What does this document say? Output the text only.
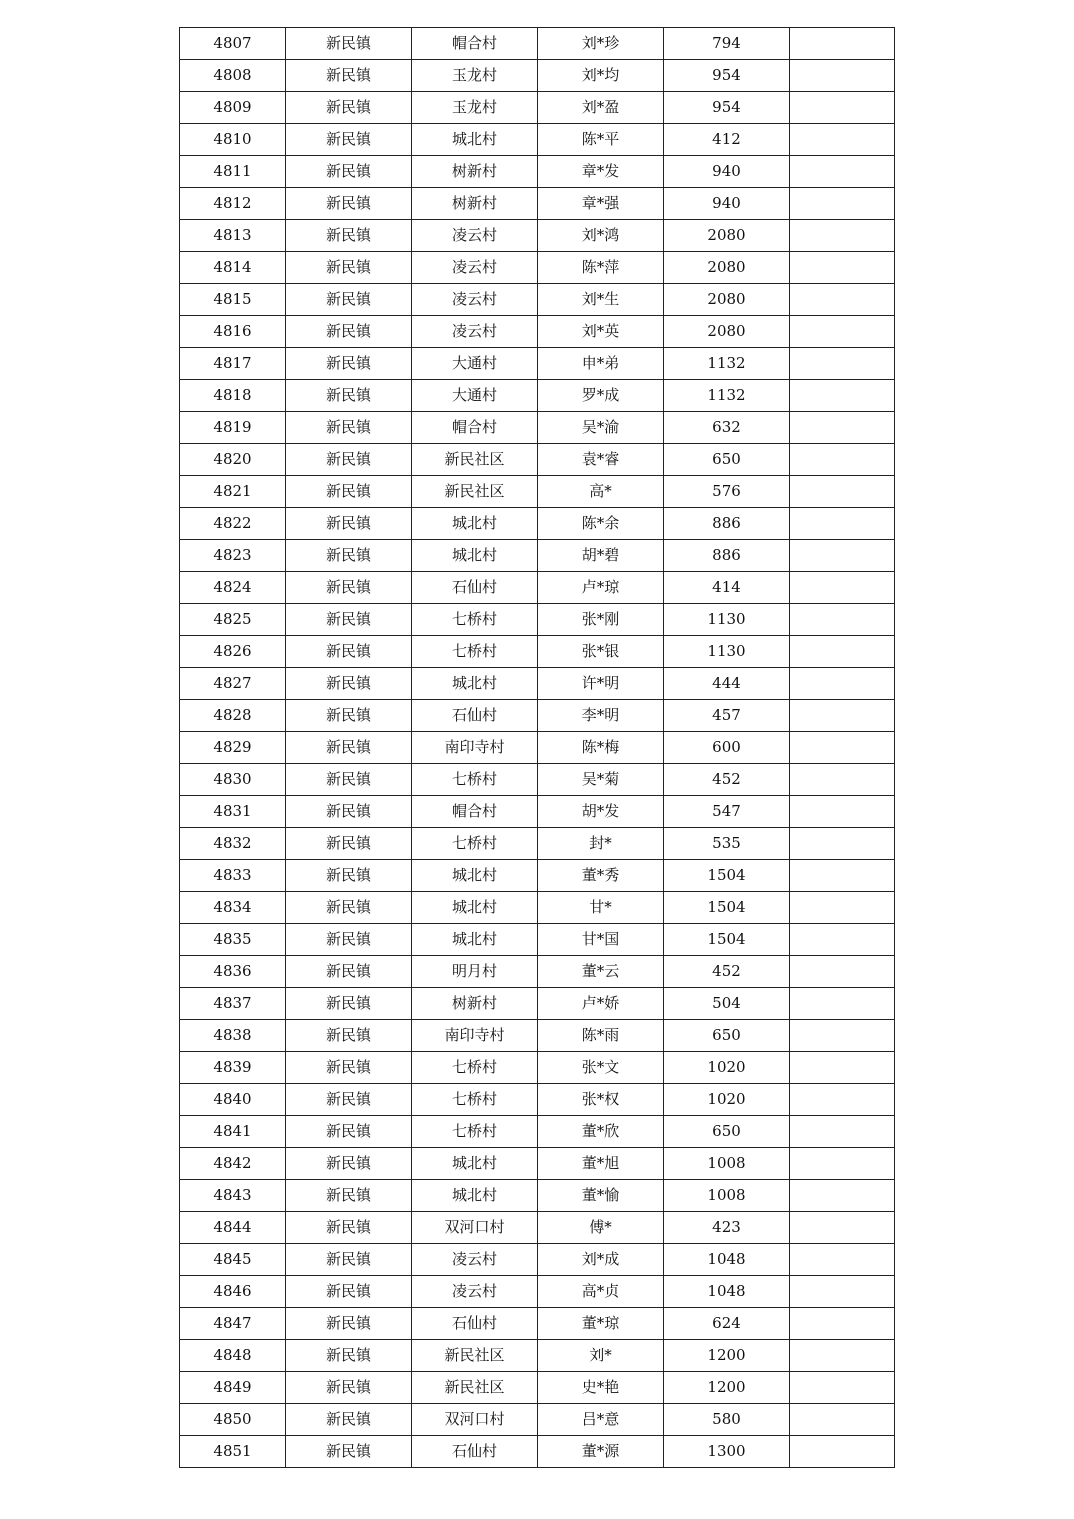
4807	新民镇	帽合村	刘*珍	794	
4808	新民镇	玉龙村	刘*均	954	
4809	新民镇	玉龙村	刘*盈	954	
4810	新民镇	城北村	陈*平	412	
4811	新民镇	树新村	章*发	940	
4812	新民镇	树新村	章*强	940	
4813	新民镇	凌云村	刘*鸿	2080	
4814	新民镇	凌云村	陈*萍	2080	
4815	新民镇	凌云村	刘*生	2080	
4816	新民镇	凌云村	刘*英	2080	
4817	新民镇	大通村	申*弟	1132	
4818	新民镇	大通村	罗*成	1132	
4819	新民镇	帽合村	吴*渝	632	
4820	新民镇	新民社区	袁*睿	650	
4821	新民镇	新民社区	高*	576	
4822	新民镇	城北村	陈*余	886	
4823	新民镇	城北村	胡*碧	886	
4824	新民镇	石仙村	卢*琼	414	
4825	新民镇	七桥村	张*刚	1130	
4826	新民镇	七桥村	张*银	1130	
4827	新民镇	城北村	许*明	444	
4828	新民镇	石仙村	李*明	457	
4829	新民镇	南印寺村	陈*梅	600	
4830	新民镇	七桥村	吴*菊	452	
4831	新民镇	帽合村	胡*发	547	
4832	新民镇	七桥村	封*	535	
4833	新民镇	城北村	董*秀	1504	
4834	新民镇	城北村	甘*	1504	
4835	新民镇	城北村	甘*国	1504	
4836	新民镇	明月村	董*云	452	
4837	新民镇	树新村	卢*娇	504	
4838	新民镇	南印寺村	陈*雨	650	
4839	新民镇	七桥村	张*文	1020	
4840	新民镇	七桥村	张*权	1020	
4841	新民镇	七桥村	董*欣	650	
4842	新民镇	城北村	董*旭	1008	
4843	新民镇	城北村	董*愉	1008	
4844	新民镇	双河口村	傅*	423	
4845	新民镇	凌云村	刘*成	1048	
4846	新民镇	凌云村	高*贞	1048	
4847	新民镇	石仙村	董*琼	624	
4848	新民镇	新民社区	刘*	1200	
4849	新民镇	新民社区	史*艳	1200	
4850	新民镇	双河口村	吕*意	580	
4851	新民镇	石仙村	董*源	1300	
